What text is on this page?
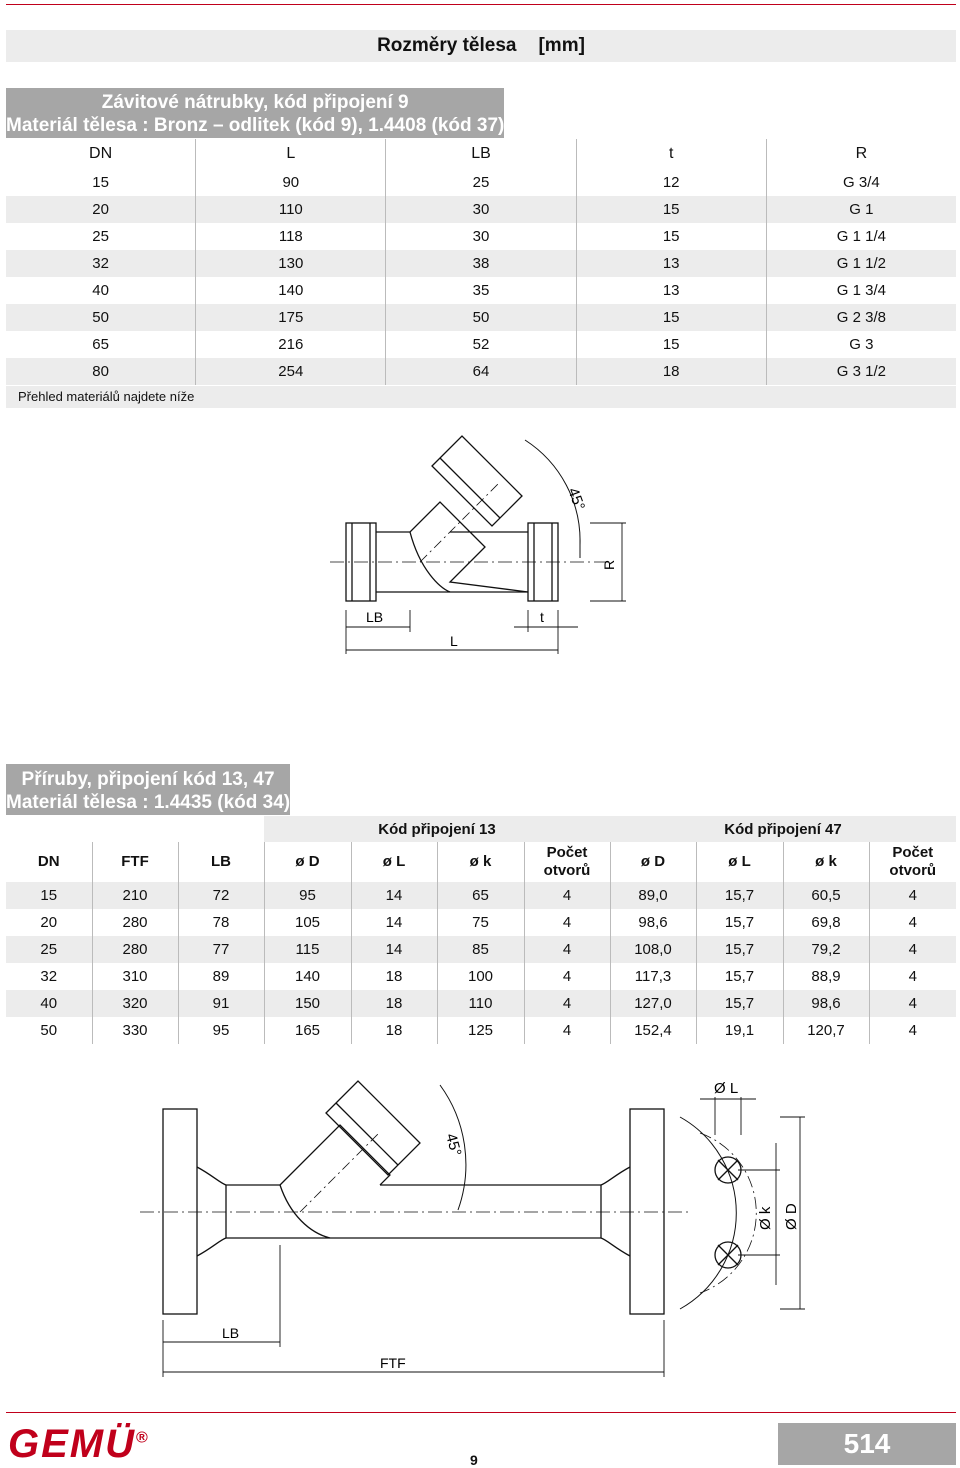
Rozměry tělesa [mm]
Závitové nátrubky, kód připojení 9
Materiál tělesa : Bronz – odlitek (kód 9), 1.4408 (kód 37)
DN	L	LB	t	R
15	90	25	12	G 3/4
20	110	30	15	G 1
25	118	30	15	G 1 1/4
32	130	38	13	G 1 1/2
40	140	35	13	G 1 3/4
50	175	50	15	G 2 3/8
65	216	52	15	G 3
80	254	64	18	G 3 1/2
Přehled materiálů najdete níže
45°
R
LB	t
L
Příruby, připojení kód 13, 47
Materiál tělesa : 1.4435 (kód 34)
			Kód připojení 13				Kód připojení 47			
DN	FTF	LB	ø D	ø L	ø k	Počet otvorů	ø D	ø L	ø k	Počet otvorů
15	210	72	95	14	65	4	89,0	15,7	60,5	4
20	280	78	105	14	75	4	98,6	15,7	69,8	4
25	280	77	115	14	85	4	108,0	15,7	79,2	4
32	310	89	140	18	100	4	117,3	15,7	88,9	4
40	320	91	150	18	110	4	127,0	15,7	98,6	4
50	330	95	165	18	125	4	152,4	19,1	120,7	4
45°
Ø L
Ø k Ø D
LB
FTF
GEMÜ®
9
514
